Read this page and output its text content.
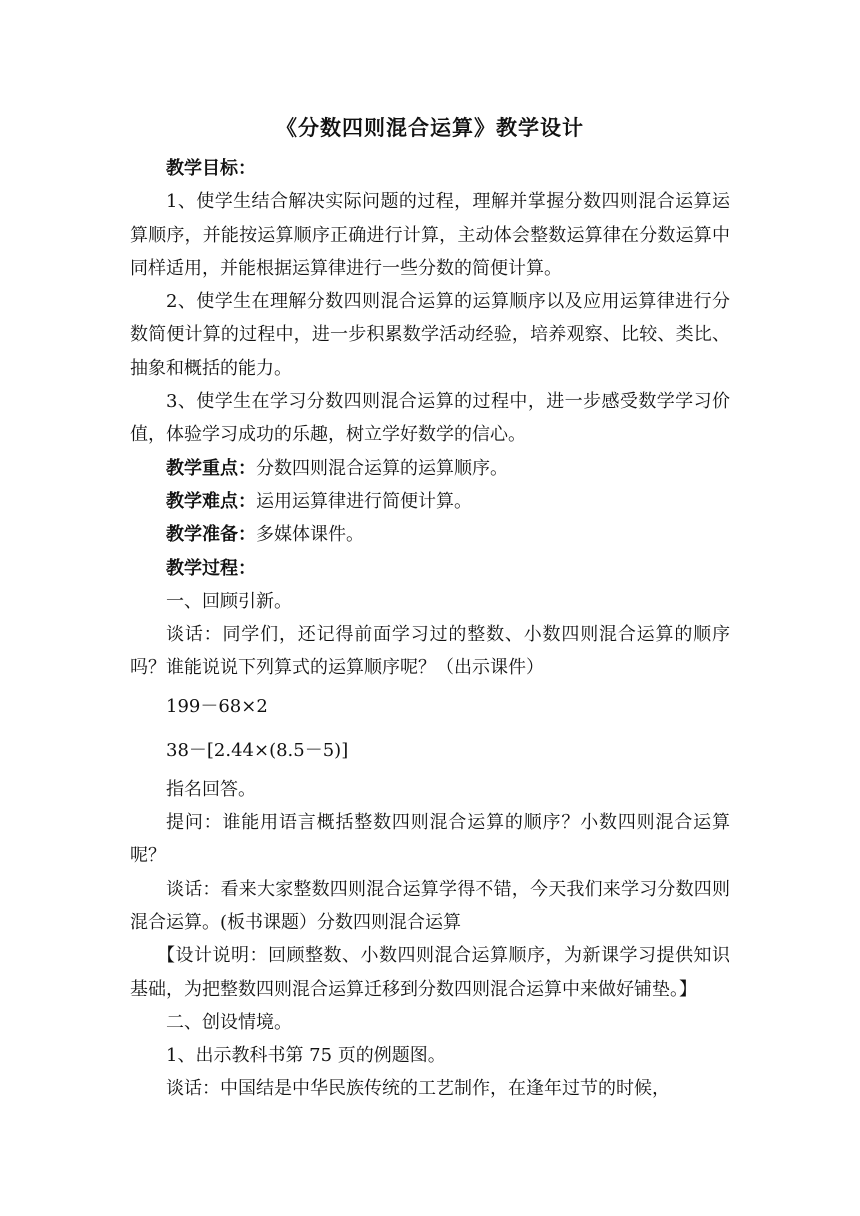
《分数四则混合运算》教学设计

教学目标：

1、使学生结合解决实际问题的过程，理解并掌握分数四则混合运算运算顺序，并能按运算顺序正确进行计算，主动体会整数运算律在分数运算中同样适用，并能根据运算律进行一些分数的简便计算。

2、使学生在理解分数四则混合运算的运算顺序以及应用运算律进行分数简便计算的过程中，进一步积累数学活动经验，培养观察、比较、类比、抽象和概括的能力。

3、使学生在学习分数四则混合运算的过程中，进一步感受数学学习价值，体验学习成功的乐趣，树立学好数学的信心。

教学重点：分数四则混合运算的运算顺序。

教学难点：运用运算律进行简便计算。

教学准备：多媒体课件。

教学过程：

一、回顾引新。

谈话：同学们，还记得前面学习过的整数、小数四则混合运算的顺序吗？谁能说说下列算式的运算顺序呢？（出示课件）

199－68×2

38－[2.44×(8.5－5)]

指名回答。

提问：谁能用语言概括整数四则混合运算的顺序？小数四则混合运算呢？

谈话：看来大家整数四则混合运算学得不错，今天我们来学习分数四则混合运算。(板书课题）分数四则混合运算

【设计说明：回顾整数、小数四则混合运算顺序，为新课学习提供知识基础，为把整数四则混合运算迁移到分数四则混合运算中来做好铺垫。】

二、创设情境。

1、出示教科书第 75 页的例题图。

谈话：中国结是中华民族传统的工艺制作，在逢年过节的时候，
